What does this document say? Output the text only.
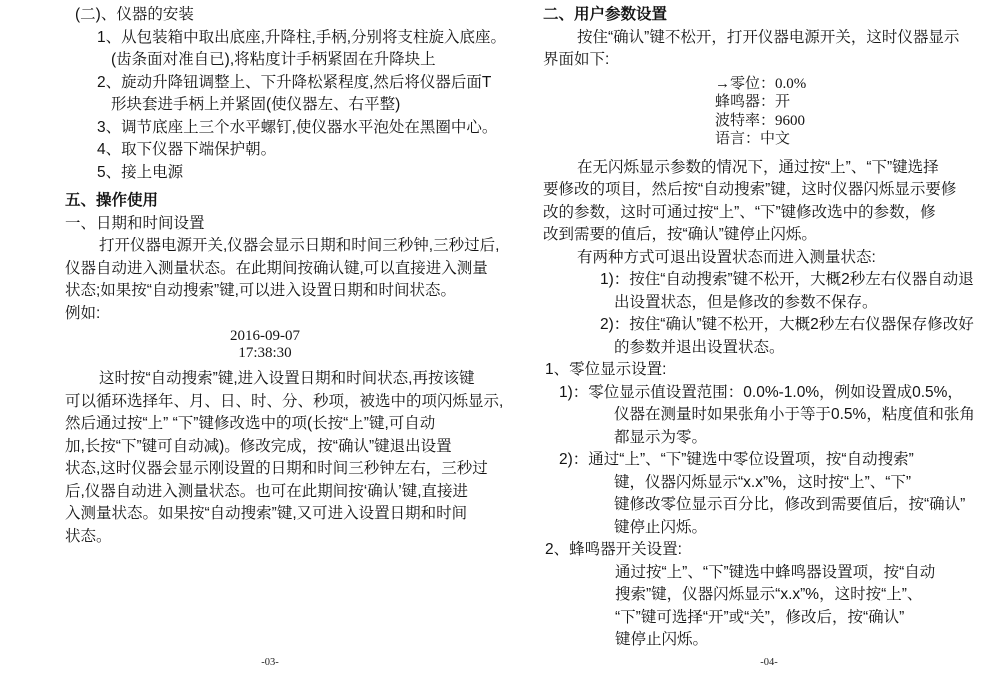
(二)、仪器的安装
1、从包装箱中取出底座,升降柱,手柄,分别将支柱旋入底座。
(齿条面对准自已),将粘度计手柄紧固在升降块上
2、旋动升降钮调整上、下升降松紧程度,然后将仪器后面T
形块套进手柄上并紧固(使仪器左、右平整)
3、调节底座上三个水平螺钉,使仪器水平泡处在黑圈中心。
4、取下仪器下端保护朝。
5、接上电源
五、操作使用
一、日期和时间设置
打开仪器电源开关,仪器会显示日期和时间三秒钟,三秒过后,
仪器自动进入测量状态。在此期间按确认键,可以直接进入测量
状态;如果按“自动搜索”键,可以进入设置日期和时间状态。
例如:
2016-09-07
17:38:30
这时按“自动搜索”键,进入设置日期和时间状态,再按该键
可以循环选择年、月、日、时、分、秒项，被选中的项闪烁显示,
然后通过按“上” “下”键修改选中的项(长按“上”键,可自动
加,长按“下”键可自动减)。修改完成，按“确认”键退出设置
状态,这时仪器会显示刚设置的日期和时间三秒钟左右，三秒过
后,仪器自动进入测量状态。也可在此期间按‘确认’键,直接进
入测量状态。如果按“自动搜索”键,又可进入设置日期和时间
状态。
-03-
二、用户参数设置
按住“确认”键不松开，打开仪器电源开关，这时仪器显示
界面如下:
→零位：0.0%
蜂鸣器：开
波特率：9600
语言：中文
在无闪烁显示参数的情况下，通过按“上”、“下”键选择
要修改的项目，然后按“自动搜索”键，这时仪器闪烁显示要修
改的参数，这时可通过按“上”、“下”键修改选中的参数，修
改到需要的值后，按“确认”键停止闪烁。
有两种方式可退出设置状态而进入测量状态:
1)：按住“自动搜索”键不松开，大概2秒左右仪器自动退
出设置状态，但是修改的参数不保存。
2)：按住“确认”键不松开，大概2秒左右仪器保存修改好
的参数并退出设置状态。
1、零位显示设置:
1)：零位显示值设置范围：0.0%-1.0%，例如设置成0.5%，
仪器在测量时如果张角小于等于0.5%，粘度值和张角
都显示为零。
2)：通过“上”、“下”键选中零位设置项，按“自动搜索”
键，仪器闪烁显示“x.x”%，这时按“上”、“下”
键修改零位显示百分比，修改到需要值后，按“确认”
键停止闪烁。
2、蜂鸣器开关设置:
通过按“上”、“下”键选中蜂鸣器设置项，按“自动
搜索”键，仪器闪烁显示“x.x”%，这时按“上”、
“下”键可选择“开”或“关”，修改后，按“确认”
键停止闪烁。
-04-
